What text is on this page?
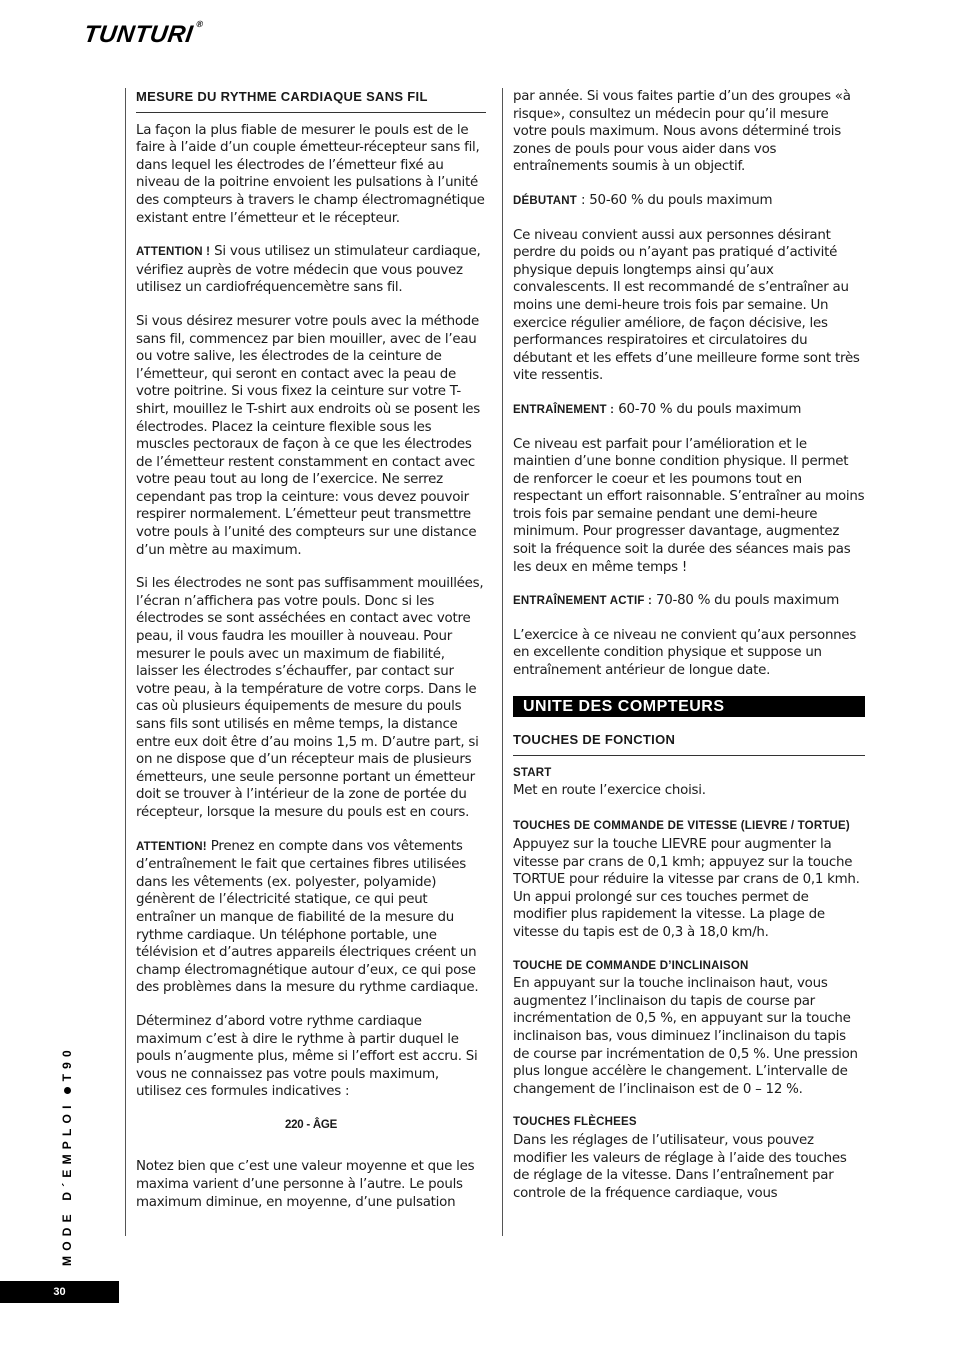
TUNTURI®
MESURE DU RYTHME CARDIAQUE SANS FIL

La façon la plus fiable de mesurer le pouls est de le faire à l’aide d’un couple émetteur-récepteur sans fil, dans lequel les électrodes de l’émetteur fixé au niveau de la poitrine envoient les pulsations à l’unité des compteurs à travers le champ électromagnétique existant entre l’émetteur et le récepteur.

ATTENTION ! Si vous utilisez un stimulateur cardiaque, vérifiez auprès de votre médecin que vous pouvez utilisez un cardiofréquencemètre sans fil.

Si vous désirez mesurer votre pouls avec la méthode sans fil, commencez par bien mouiller, avec de l’eau ou votre salive, les électrodes de la ceinture de l’émetteur, qui seront en contact avec la peau de votre poitrine. Si vous fixez la ceinture sur votre T-shirt, mouillez le T-shirt aux endroits où se posent les électrodes. Placez la ceinture flexible sous les muscles pectoraux de façon à ce que les électrodes de l’émetteur restent constamment en contact avec votre peau tout au long de l’exercice. Ne serrez cependant pas trop la ceinture: vous devez pouvoir respirer normalement. L’émetteur peut transmettre votre pouls à l’unité des compteurs sur une distance d’un mètre au maximum.

Si les électrodes ne sont pas suffisamment mouillées, l’écran n’affichera pas votre pouls. Donc si les électrodes se sont asséchées en contact avec votre peau, il vous faudra les mouiller à nouveau. Pour mesurer le pouls avec un maximum de fiabilité, laisser les électrodes s’échauffer, par contact sur votre peau, à la température de votre corps. Dans le cas où plusieurs équipements de mesure du pouls sans fils sont utilisés en même temps, la distance entre eux doit être d’au moins 1,5 m. D’autre part, si on ne dispose que d’un récepteur mais de plusieurs émetteurs, une seule personne portant un émetteur doit se trouver à l’intérieur de la zone de portée du récepteur, lorsque la mesure du pouls est en cours.

ATTENTION! Prenez en compte dans vos vêtements d’entraînement le fait que certaines fibres utilisées dans les vêtements (ex. polyester, polyamide) génèrent de l’électricité statique, ce qui peut entraîner un manque de fiabilité de la mesure du rythme cardiaque. Un téléphone portable, une télévision et d’autres appareils électriques créent un champ électromagnétique autour d’eux, ce qui pose des problèmes dans la mesure du rythme cardiaque.

Déterminez d’abord votre rythme cardiaque maximum c’est à dire le rythme à partir duquel le pouls n’augmente plus, même si l’effort est accru. Si vous ne connaissez pas votre pouls maximum, utilisez ces formules indicatives :

220 - ÂGE

Notez bien que c’est une valeur moyenne et que les maxima varient d’une personne à l’autre. Le pouls maximum diminue, en moyenne, d’une pulsation

par année. Si vous faites partie d’un des groupes «à risque», consultez un médecin pour qu’il mesure votre pouls maximum. Nous avons déterminé trois zones de pouls pour vous aider dans vos entraînements soumis à un objectif.

DÉBUTANT : 50-60 % du pouls maximum

Ce niveau convient aussi aux personnes désirant perdre du poids ou n’ayant pas pratiqué d’activité physique depuis longtemps ainsi qu’aux convalescents. Il est recommandé de s’entraîner au moins une demi-heure trois fois par semaine. Un exercice régulier améliore, de façon décisive, les performances respiratoires et circulatoires du débutant et les effets d’une meilleure forme sont très vite ressentis.

ENTRAÎNEMENT : 60-70 % du pouls maximum

Ce niveau est parfait pour l’amélioration et le maintien d’une bonne condition physique. Il permet de renforcer le coeur et les poumons tout en respectant un effort raisonnable. S’entraîner au moins trois fois par semaine pendant une demi-heure minimum. Pour progresser davantage, augmentez soit la fréquence soit la durée des séances mais pas les deux en même temps !

ENTRAÎNEMENT ACTIF : 70-80 % du pouls maximum

L’exercice à ce niveau ne convient qu’aux personnes en excellente condition physique et suppose un entraînement antérieur de longue date.

UNITE DES COMPTEURS
TOUCHES DE FONCTION
START
Met en route l’exercice choisi.
TOUCHES DE COMMANDE DE VITESSE (LIEVRE / TORTUE)
Appuyez sur la touche LIEVRE pour augmenter la vitesse par crans de 0,1 kmh; appuyez sur la touche TORTUE pour réduire la vitesse par crans de 0,1 kmh. Un appui prolongé sur ces touches permet de modifier plus rapidement la vitesse. La plage de vitesse du tapis est de 0,3 à 18,0 km/h.
TOUCHE DE COMMANDE D’INCLINAISON
En appuyant sur la touche inclinaison haut, vous augmentez l’inclinaison du tapis de course par incrémentation de 0,5 %, en appuyant sur la touche inclinaison bas, vous diminuez l’inclinaison du tapis de course par incrémentation de 0,5 %. Une pression plus longue accélère le changement. L’intervalle de changement de l’inclinaison est de 0 – 12 %.
TOUCHES FLÈCHEES
Dans les réglages de l’utilisateur, vous pouvez modifier les valeurs de réglage à l’aide des touches de réglage de la vitesse. Dans l’entraînement par controle de la fréquence cardiaque, vous
MODE D´EMPLOIT90
30
